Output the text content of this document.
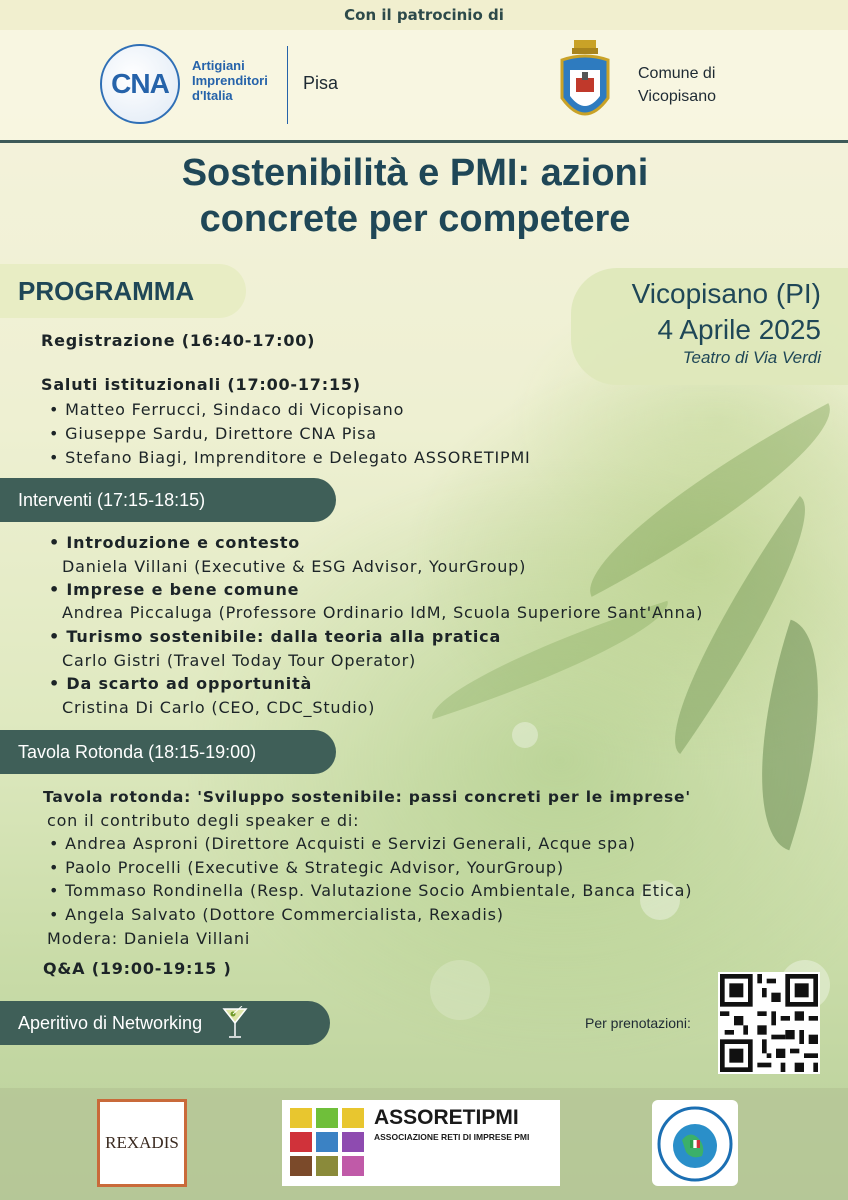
Con il patrocinio di
CNA
Artigiani
Imprenditori
d'Italia
Pisa	Comune di
Vicopisano
Sostenibilità e PMI: azioni
concrete per competere
PROGRAMMA	Vicopisano (PI)
4 Aprile 2025
Teatro di Via Verdi
Registrazione (16:40-17:00)
Saluti istituzionali (17:00-17:15)
• Matteo Ferrucci, Sindaco di Vicopisano
• Giuseppe Sardu, Direttore CNA Pisa
• Stefano Biagi, Imprenditore e Delegato ASSORETIPMI
Interventi (17:15-18:15)
• Introduzione e contesto
Daniela Villani (Executive & ESG Advisor, YourGroup)
• Imprese e bene comune
Andrea Piccaluga (Professore Ordinario IdM, Scuola Superiore Sant'Anna)
• Turismo sostenibile: dalla teoria alla pratica
Carlo Gistri (Travel Today Tour Operator)
• Da scarto ad opportunità
Cristina Di Carlo (CEO, CDC_Studio)
Tavola Rotonda (18:15-19:00)
Tavola rotonda: 'Sviluppo sostenibile: passi concreti per le imprese'
con il contributo degli speaker e di:
• Andrea Aspronі (Direttore Acquisti e Servizi Generali, Acque spa)
• Paolo Procelli (Executive & Strategic Advisor, YourGroup)
• Tommaso Rondinella (Resp. Valutazione Socio Ambientale, Banca Etica)
• Angela Salvato (Dottore Commercialista, Rexadis)
Modera: Daniela Villani
Q&A (19:00-19:15 )
Aperitivo di Networking	Per prenotazioni:
REXADIS
ASSORETIPMI
ASSOCIAZIONE RETI DI IMPRESE PMI
